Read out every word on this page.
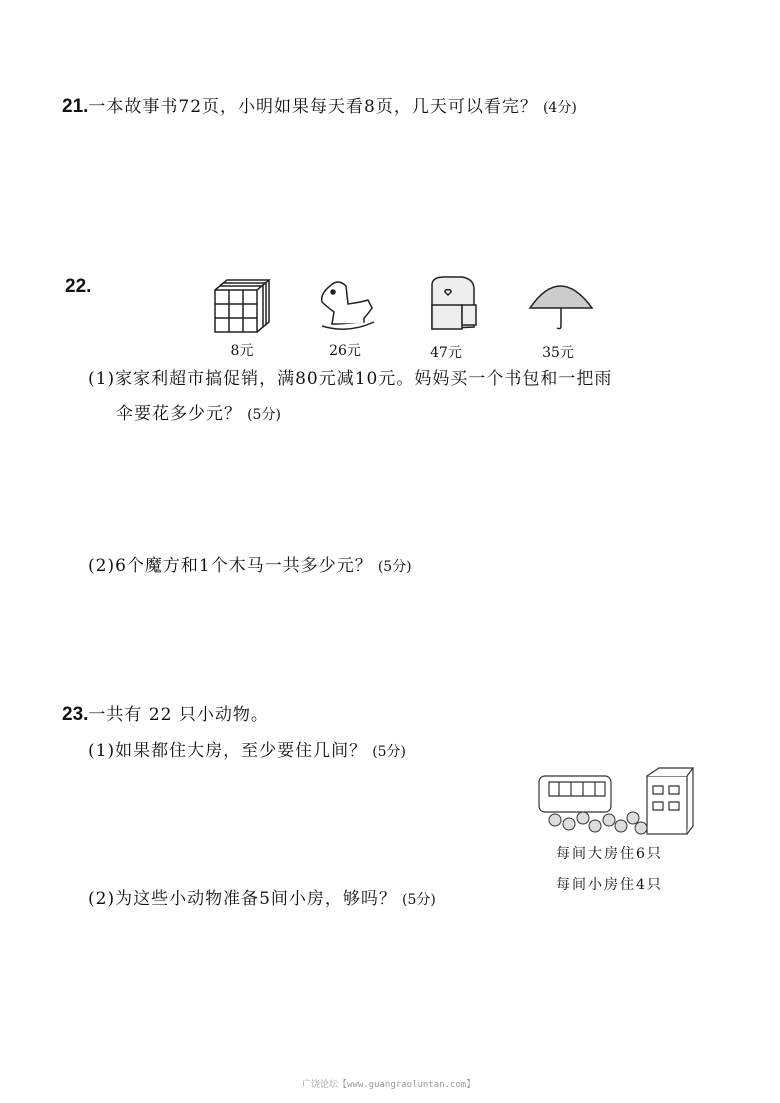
21.一本故事书72页，小明如果每天看8页，几天可以看完？ (4分)
22.
8元	26元	47元	35元
(1)家家利超市搞促销，满80元减10元。妈妈买一个书包和一把雨
伞要花多少元？ (5分)
(2)6个魔方和1个木马一共多少元？ (5分)
23.一共有 22 只小动物。
(1)如果都住大房，至少要住几间？ (5分)
(2)为这些小动物准备5间小房，够吗？ (5分)
每间大房住6只
每间小房住4只
广饶论坛【www.guangraoluntan.com】
